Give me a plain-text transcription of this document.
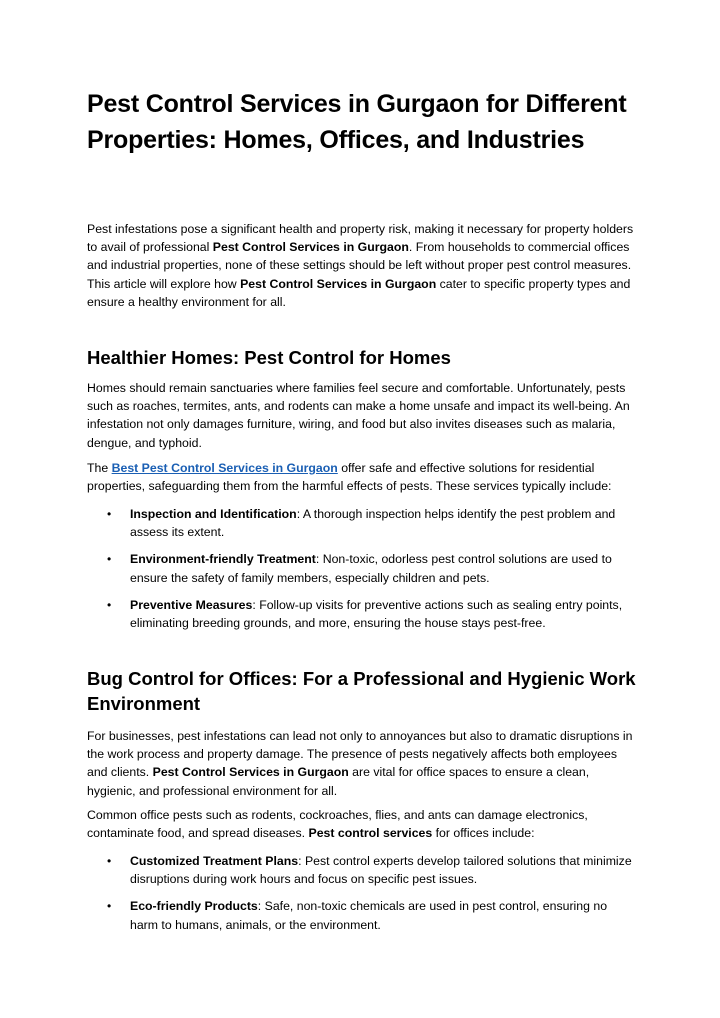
Pest Control Services in Gurgaon for Different Properties: Homes, Offices, and Industries

Pest infestations pose a significant health and property risk, making it necessary for property holders to avail of professional Pest Control Services in Gurgaon. From households to commercial offices and industrial properties, none of these settings should be left without proper pest control measures. This article will explore how Pest Control Services in Gurgaon cater to specific property types and ensure a healthy environment for all.

Healthier Homes: Pest Control for Homes

Homes should remain sanctuaries where families feel secure and comfortable. Unfortunately, pests such as roaches, termites, ants, and rodents can make a home unsafe and impact its well-being. An infestation not only damages furniture, wiring, and food but also invites diseases such as malaria, dengue, and typhoid.

The Best Pest Control Services in Gurgaon offer safe and effective solutions for residential properties, safeguarding them from the harmful effects of pests. These services typically include:

• Inspection and Identification: A thorough inspection helps identify the pest problem and assess its extent.
• Environment-friendly Treatment: Non-toxic, odorless pest control solutions are used to ensure the safety of family members, especially children and pets.
• Preventive Measures: Follow-up visits for preventive actions such as sealing entry points, eliminating breeding grounds, and more, ensuring the house stays pest-free.
Bug Control for Offices: For a Professional and Hygienic Work Environment

For businesses, pest infestations can lead not only to annoyances but also to dramatic disruptions in the work process and property damage. The presence of pests negatively affects both employees and clients. Pest Control Services in Gurgaon are vital for office spaces to ensure a clean, hygienic, and professional environment for all.

Common office pests such as rodents, cockroaches, flies, and ants can damage electronics, contaminate food, and spread diseases. Pest control services for offices include:

• Customized Treatment Plans: Pest control experts develop tailored solutions that minimize disruptions during work hours and focus on specific pest issues.
• Eco-friendly Products: Safe, non-toxic chemicals are used in pest control, ensuring no harm to humans, animals, or the environment.
